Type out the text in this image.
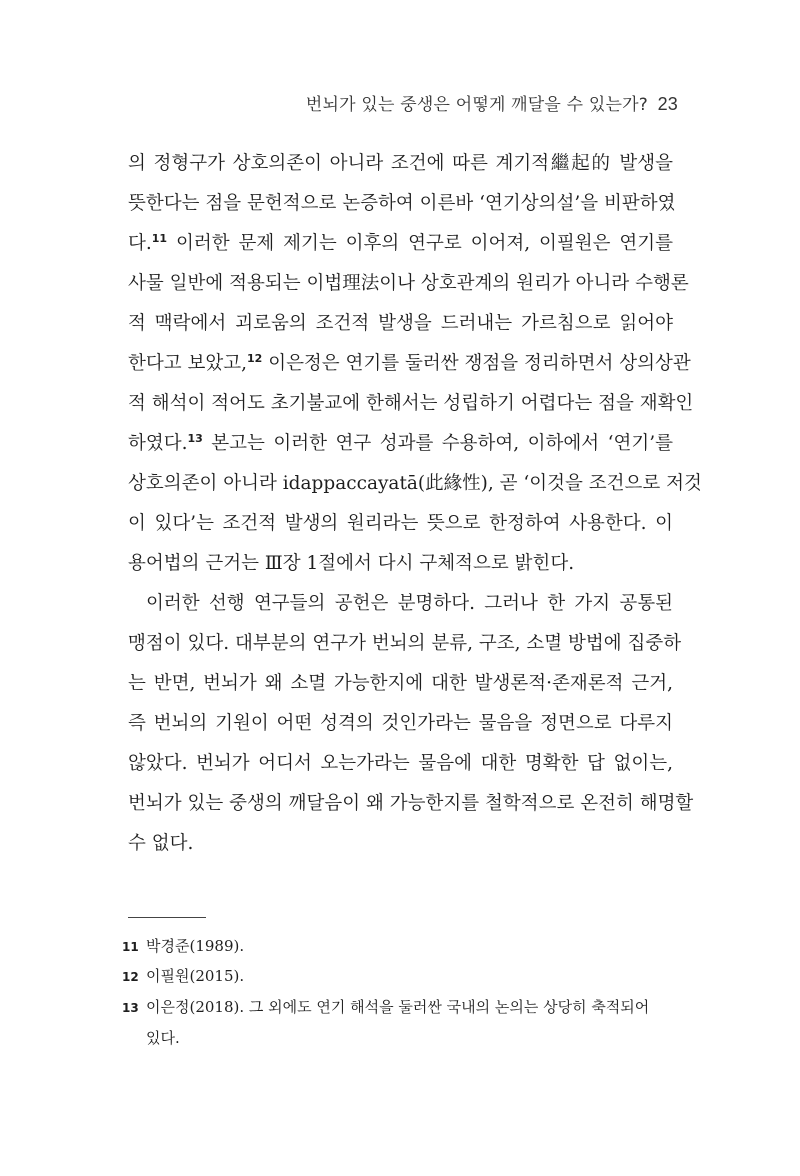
번뇌가 있는 중생은 어떻게 깨달을 수 있는가? 23
의 정형구가 상호의존이 아니라 조건에 따른 계기적繼起的 발생을
뜻한다는 점을 문헌적으로 논증하여 이른바 ‘연기상의설’을 비판하였
다.$^{11}$ 이러한 문제 제기는 이후의 연구로 이어져, 이필원은 연기를
사물 일반에 적용되는 이법理法이나 상호관계의 원리가 아니라 수행론
적 맥락에서 괴로움의 조건적 발생을 드러내는 가르침으로 읽어야
한다고 보았고,$^{12}$ 이은정은 연기를 둘러싼 쟁점을 정리하면서 상의상관
적 해석이 적어도 초기불교에 한해서는 성립하기 어렵다는 점을 재확인
하였다.$^{13}$ 본고는 이러한 연구 성과를 수용하여, 이하에서 ‘연기’를
상호의존이 아니라 idappaccayatā(此緣性), 곧 ‘이것을 조건으로 저것
이 있다’는 조건적 발생의 원리라는 뜻으로 한정하여 사용한다. 이
용어법의 근거는 Ⅲ장 1절에서 다시 구체적으로 밝힌다.
이러한 선행 연구들의 공헌은 분명하다. 그러나 한 가지 공통된
맹점이 있다. 대부분의 연구가 번뇌의 분류, 구조, 소멸 방법에 집중하
는 반면, 번뇌가 왜 소멸 가능한지에 대한 발생론적·존재론적 근거,
즉 번뇌의 기원이 어떤 성격의 것인가라는 물음을 정면으로 다루지
않았다. 번뇌가 어디서 오는가라는 물음에 대한 명확한 답 없이는,
번뇌가 있는 중생의 깨달음이 왜 가능한지를 철학적으로 온전히 해명할
수 없다.
11 박경준(1989).
12 이필원(2015).
13 이은정(2018). 그 외에도 연기 해석을 둘러싼 국내의 논의는 상당히 축적되어
있다.
